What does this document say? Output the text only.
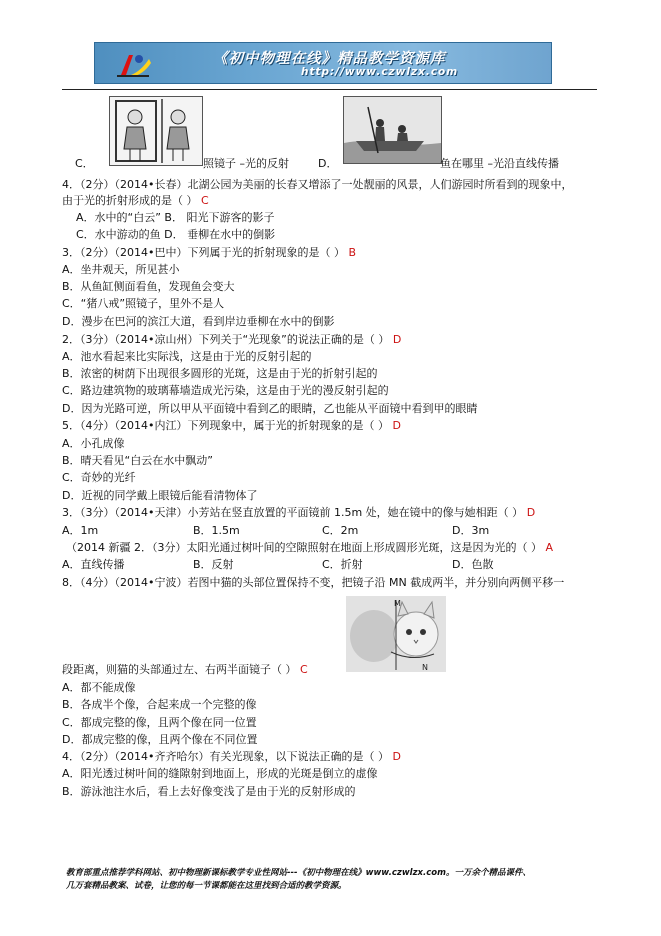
《初中物理在线》精品教学资源库
http://www.czwlzx.com
C．	照镜子 –光的反射	D．	鱼在哪里 –光沿直线传播
4．（2分）（2014•长春）北湖公园为美丽的长春又增添了一处靓丽的风景，人们游园时所看到的现象中，
由于光的折射形成的是（ ） C
A．水中的“白云” B． 阳光下游客的影子
C．水中游动的鱼 D． 垂柳在水中的倒影
3．（2分）（2014•巴中）下列属于光的折射现象的是（ ） B
A．坐井观天，所见甚小
B．从鱼缸侧面看鱼，发现鱼会变大
C．“猪八戒”照镜子，里外不是人
D．漫步在巴河的滨江大道，看到岸边垂柳在水中的倒影
2．（3分）（2014•凉山州）下列关于“光现象”的说法正确的是（ ） D
A．池水看起来比实际浅，这是由于光的反射引起的
B．浓密的树荫下出现很多圆形的光斑，这是由于光的折射引起的
C．路边建筑物的玻璃幕墙造成光污染，这是由于光的漫反射引起的
D．因为光路可逆，所以甲从平面镜中看到乙的眼睛，乙也能从平面镜中看到甲的眼睛
5．（4分）（2014•内江）下列现象中，属于光的折射现象的是（ ） D
A．小孔成像
B．晴天看见“白云在水中飘动”
C．奇妙的光纤
D．近视的同学戴上眼镜后能看清物体了
3．（3分）（2014•天津）小芳站在竖直放置的平面镜前 1.5m 处，她在镜中的像与她相距（ ） D
A．1m	B．1.5m	C．2m	D．3m
（2014 新疆 2．（3分）太阳光通过树叶间的空隙照射在地面上形成圆形光斑，这是因为光的（ ） A
A．直线传播	B．反射	C．折射	D．色散
8．（4分）（2014•宁波）若图中猫的头部位置保持不变，把镜子沿 MN 截成两半，并分别向两侧平移一
M
N
段距离，则猫的头部通过左、右两半面镜子（ ） C
A．都不能成像
B．各成半个像，合起来成一个完整的像
C．都成完整的像，且两个像在同一位置
D．都成完整的像，且两个像在不同位置
4．（2分）（2014•齐齐哈尔）有关光现象，以下说法正确的是（ ） D
A．阳光透过树叶间的缝隙射到地面上，形成的光斑是倒立的虚像
B．游泳池注水后，看上去好像变浅了是由于光的反射形成的
教育部重点推荐学科网站、初中物理新课标教学专业性网站---《初中物理在线》www.czwlzx.com。一万余个精品课件、
几万套精品教案、试卷，让您的每一节课都能在这里找到合适的教学资源。
